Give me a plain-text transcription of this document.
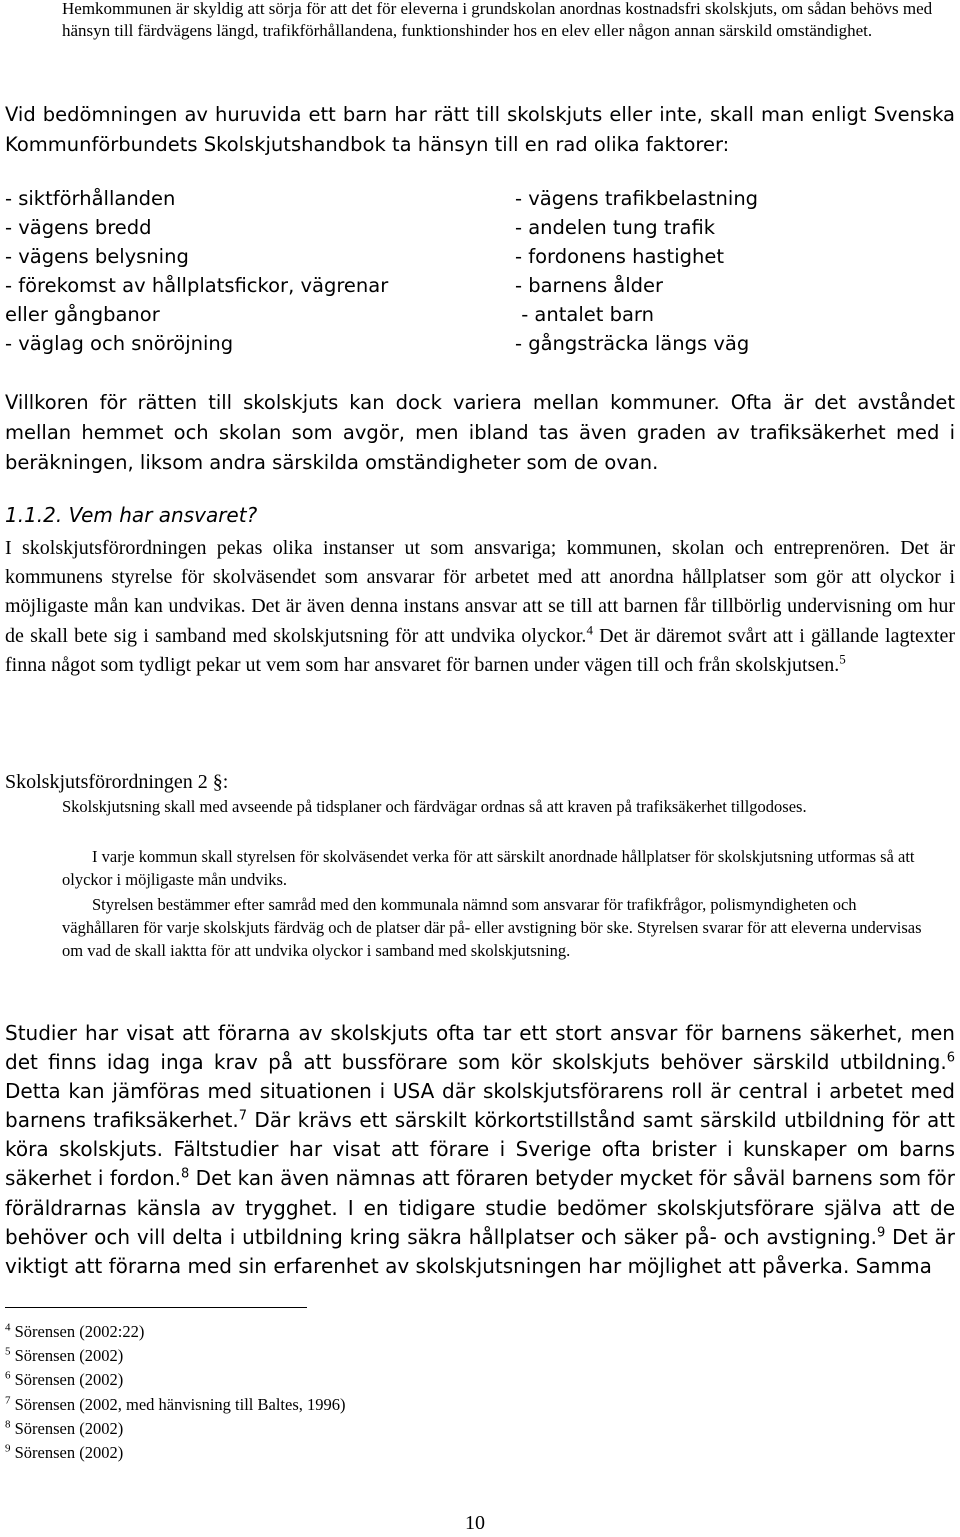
Hemkommunen är skyldig att sörja för att det för eleverna i grundskolan anordnas kostnadsfri skolskjuts, om sådan behövs med hänsyn till färdvägens längd, trafikförhållandena, funktionshinder hos en elev eller någon annan särskild omständighet.

Vid bedömningen av huruvida ett barn har rätt till skolskjuts eller inte, skall man enligt Svenska Kommunförbundets Skolskjutshandbok ta hänsyn till en rad olika faktorer:

- siktförhållanden
- vägens bredd
- vägens belysning
- förekomst av hållplatsfickor, vägrenar
eller gångbanor
- väglag och snöröjning
- vägens trafikbelastning
- andelen tung trafik
- fordonens hastighet
- barnens ålder
- antalet barn
- gångsträcka längs väg

Villkoren för rätten till skolskjuts kan dock variera mellan kommuner. Ofta är det avståndet mellan hemmet och skolan som avgör, men ibland tas även graden av trafiksäkerhet med i beräkningen, liksom andra särskilda omständigheter som de ovan.

1.1.2. Vem har ansvaret?

I skolskjutsförordningen pekas olika instanser ut som ansvariga; kommunen, skolan och entreprenören. Det är kommunens styrelse för skolväsendet som ansvarar för arbetet med att anordna hållplatser som gör att olyckor i möjligaste mån kan undvikas. Det är även denna instans ansvar att se till att barnen får tillbörlig undervisning om hur de skall bete sig i samband med skolskjutsning för att undvika olyckor.$^4$ Det är däremot svårt att i gällande lagtexter finna något som tydligt pekar ut vem som har ansvaret för barnen under vägen till och från skolskjutsen.$^5$

Skolskjutsförordningen 2 §:

Skolskjutsning skall med avseende på tidsplaner och färdvägar ordnas så att kraven på trafiksäkerhet tillgodoses.

I varje kommun skall styrelsen för skolväsendet verka för att särskilt anordnade hållplatser för skolskjutsning utformas så att olyckor i möjligaste mån undviks.

Styrelsen bestämmer efter samråd med den kommunala nämnd som ansvarar för trafikfrågor, polismyndigheten och väghållaren för varje skolskjuts färdväg och de platser där på- eller avstigning bör ske. Styrelsen svarar för att eleverna undervisas om vad de skall iaktta för att undvika olyckor i samband med skolskjutsning.

Studier har visat att förarna av skolskjuts ofta tar ett stort ansvar för barnens säkerhet, men det finns idag inga krav på att bussförare som kör skolskjuts behöver särskild utbildning.$^6$ Detta kan jämföras med situationen i USA där skolskjutsförarens roll är central i arbetet med barnens trafiksäkerhet.$^7$ Där krävs ett särskilt körkortstillstånd samt särskild utbildning för att köra skolskjuts. Fältstudier har visat att förare i Sverige ofta brister i kunskaper om barns säkerhet i fordon.$^8$ Det kan även nämnas att föraren betyder mycket för såväl barnens som för föräldrarnas känsla av trygghet. I en tidigare studie bedömer skolskjutsförare själva att de behöver och vill delta i utbildning kring säkra hållplatser och säker på- och avstigning.$^9$ Det är viktigt att förarna med sin erfarenhet av skolskjutsningen har möjlighet att påverka. Samma

$^4$ Sörensen (2002:22)
$^5$ Sörensen (2002)
$^6$ Sörensen (2002)
$^7$ Sörensen (2002, med hänvisning till Baltes, 1996)
$^8$ Sörensen (2002)
$^9$ Sörensen (2002)
10
